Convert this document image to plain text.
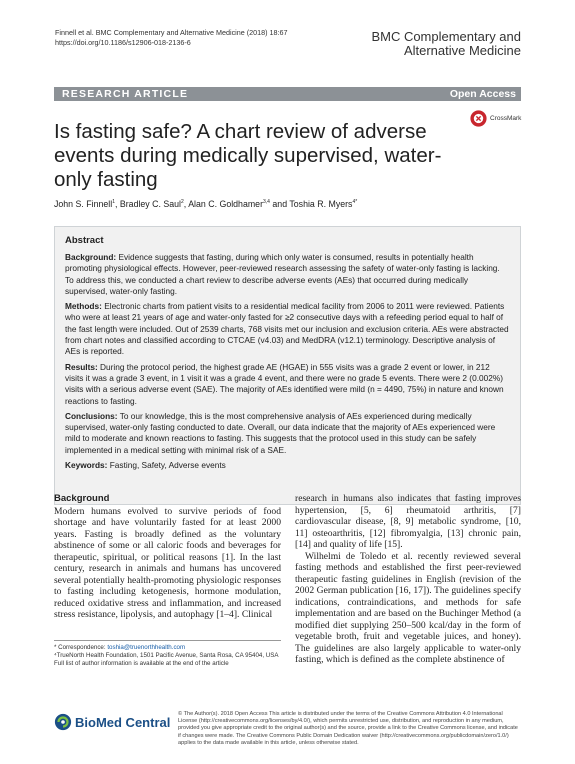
Finnell et al. BMC Complementary and Alternative Medicine (2018) 18:67
https://doi.org/10.1186/s12906-018-2136-6	BMC Complementary and
Alternative Medicine
RESEARCH ARTICLE	Open Access
Is fasting safe? A chart review of adverse events during medically supervised, water-only fasting
CrossMark
John S. Finnell$^1$, Bradley C. Saul$^2$, Alan C. Goldhamer$^{3,4}$ and Toshia R. Myers$^{4*}$
Abstract

Background: Evidence suggests that fasting, during which only water is consumed, results in potentially health promoting physiological effects. However, peer-reviewed research assessing the safety of water-only fasting is lacking. To address this, we conducted a chart review to describe adverse events (AEs) that occurred during medically supervised, water-only fasting.

Methods: Electronic charts from patient visits to a residential medical facility from 2006 to 2011 were reviewed. Patients who were at least 21 years of age and water-only fasted for ≥2 consecutive days with a refeeding period equal to half of the fast length were included. Out of 2539 charts, 768 visits met our inclusion and exclusion criteria. AEs were abstracted from chart notes and classified according to CTCAE (v4.03) and MedDRA (v12.1) terminology. Descriptive analysis of AEs is reported.

Results: During the protocol period, the highest grade AE (HGAE) in 555 visits was a grade 2 event or lower, in 212 visits it was a grade 3 event, in 1 visit it was a grade 4 event, and there were no grade 5 events. There were 2 (0.002%) visits with a serious adverse event (SAE). The majority of AEs identified were mild (n = 4490, 75%) in nature and known reactions to fasting.

Conclusions: To our knowledge, this is the most comprehensive analysis of AEs experienced during medically supervised, water-only fasting conducted to date. Overall, our data indicate that the majority of AEs experienced were mild to moderate and known reactions to fasting. This suggests that the protocol used in this study can be safely implemented in a medical setting with minimal risk of a SAE.

Keywords: Fasting, Safety, Adverse events

Background

Modern humans evolved to survive periods of food shortage and have voluntarily fasted for at least 2000 years. Fasting is broadly defined as the voluntary abstinence of some or all caloric foods and beverages for therapeutic, spiritual, or political reasons [1]. In the last century, research in animals and humans has uncovered several potentially health-promoting physiologic responses to fasting including ketogenesis, hormone modulation, reduced oxidative stress and inflammation, and increased stress resistance, lipolysis, and autophagy [1–4]. Clinical

research in humans also indicates that fasting improves hypertension, [5, 6] rheumatoid arthritis, [7] cardiovascular disease, [8, 9] metabolic syndrome, [10, 11] osteoarthritis, [12] fibromyalgia, [13] chronic pain, [14] and quality of life [15].

Wilhelmi de Toledo et al. recently reviewed several fasting methods and established the first peer-reviewed therapeutic fasting guidelines in English (revision of the 2002 German publication [16, 17]). The guidelines specify indications, contraindications, and methods for safe implementation and are based on the Buchinger Method (a modified diet supplying 250–500 kcal/day in the form of vegetable broth, fruit and vegetable juices, and honey). The guidelines are also largely applicable to water-only fasting, which is defined as the complete abstinence of

* Correspondence: toshia@truenorthhealth.com
⁴TrueNorth Health Foundation, 1501 Pacific Avenue, Santa Rosa, CA 95404, USA
Full list of author information is available at the end of the article
BioMed Central
© The Author(s). 2018 Open Access This article is distributed under the terms of the Creative Commons Attribution 4.0 International License (http://creativecommons.org/licenses/by/4.0/), which permits unrestricted use, distribution, and reproduction in any medium, provided you give appropriate credit to the original author(s) and the source, provide a link to the Creative Commons license, and indicate if changes were made. The Creative Commons Public Domain Dedication waiver (http://creativecommons.org/publicdomain/zero/1.0/) applies to the data made available in this article, unless otherwise stated.
